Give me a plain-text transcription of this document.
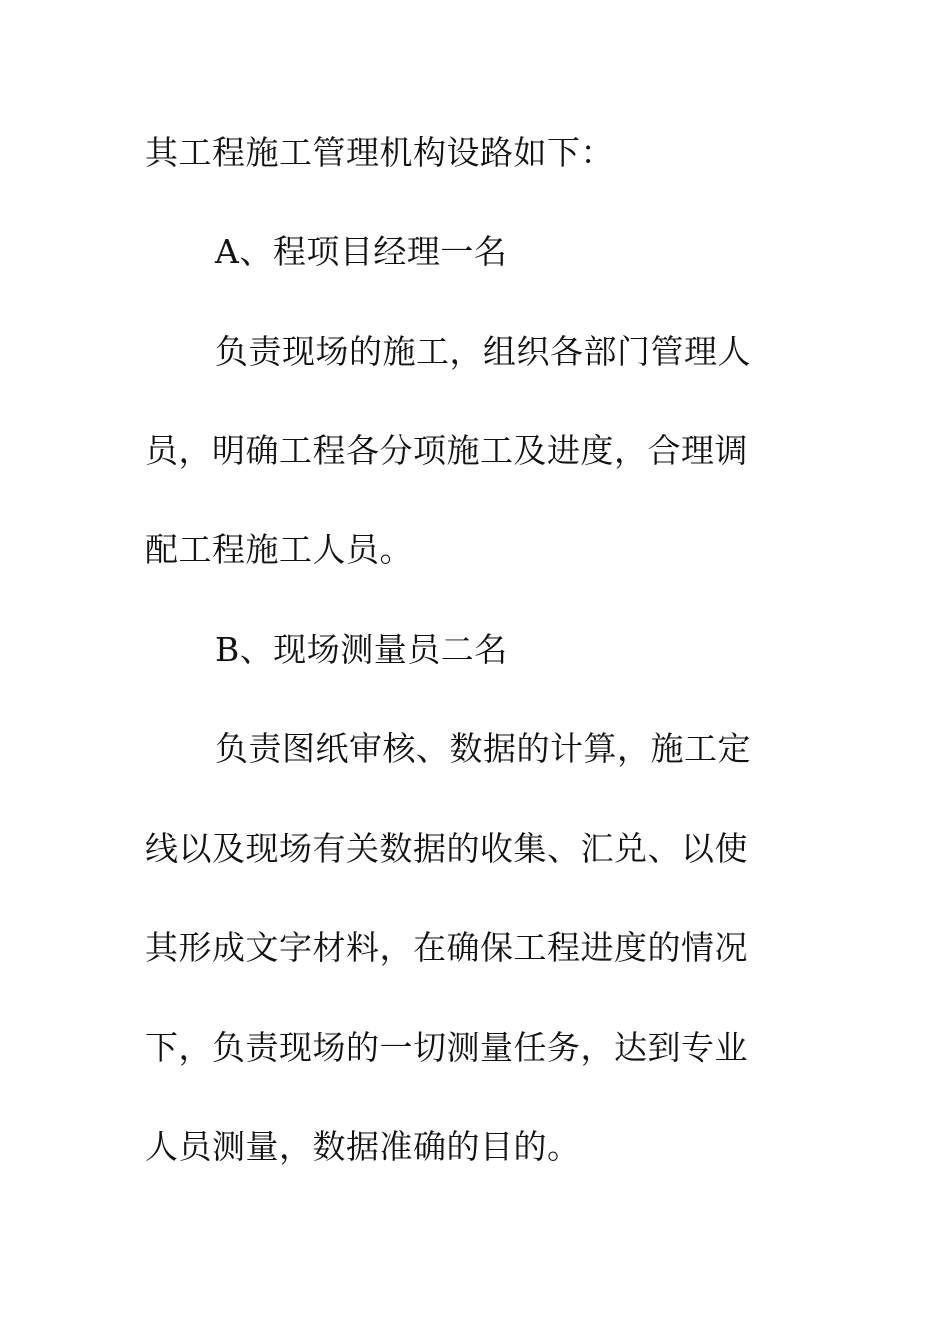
其工程施工管理机构设路如下：
A、程项目经理一名
负责现场的施工，组织各部门管理人
员，明确工程各分项施工及进度，合理调
配工程施工人员。
B、现场测量员二名
负责图纸审核、数据的计算，施工定
线以及现场有关数据的收集、汇兑、以使
其形成文字材料，在确保工程进度的情况
下，负责现场的一切测量任务，达到专业
人员测量，数据准确的目的。
